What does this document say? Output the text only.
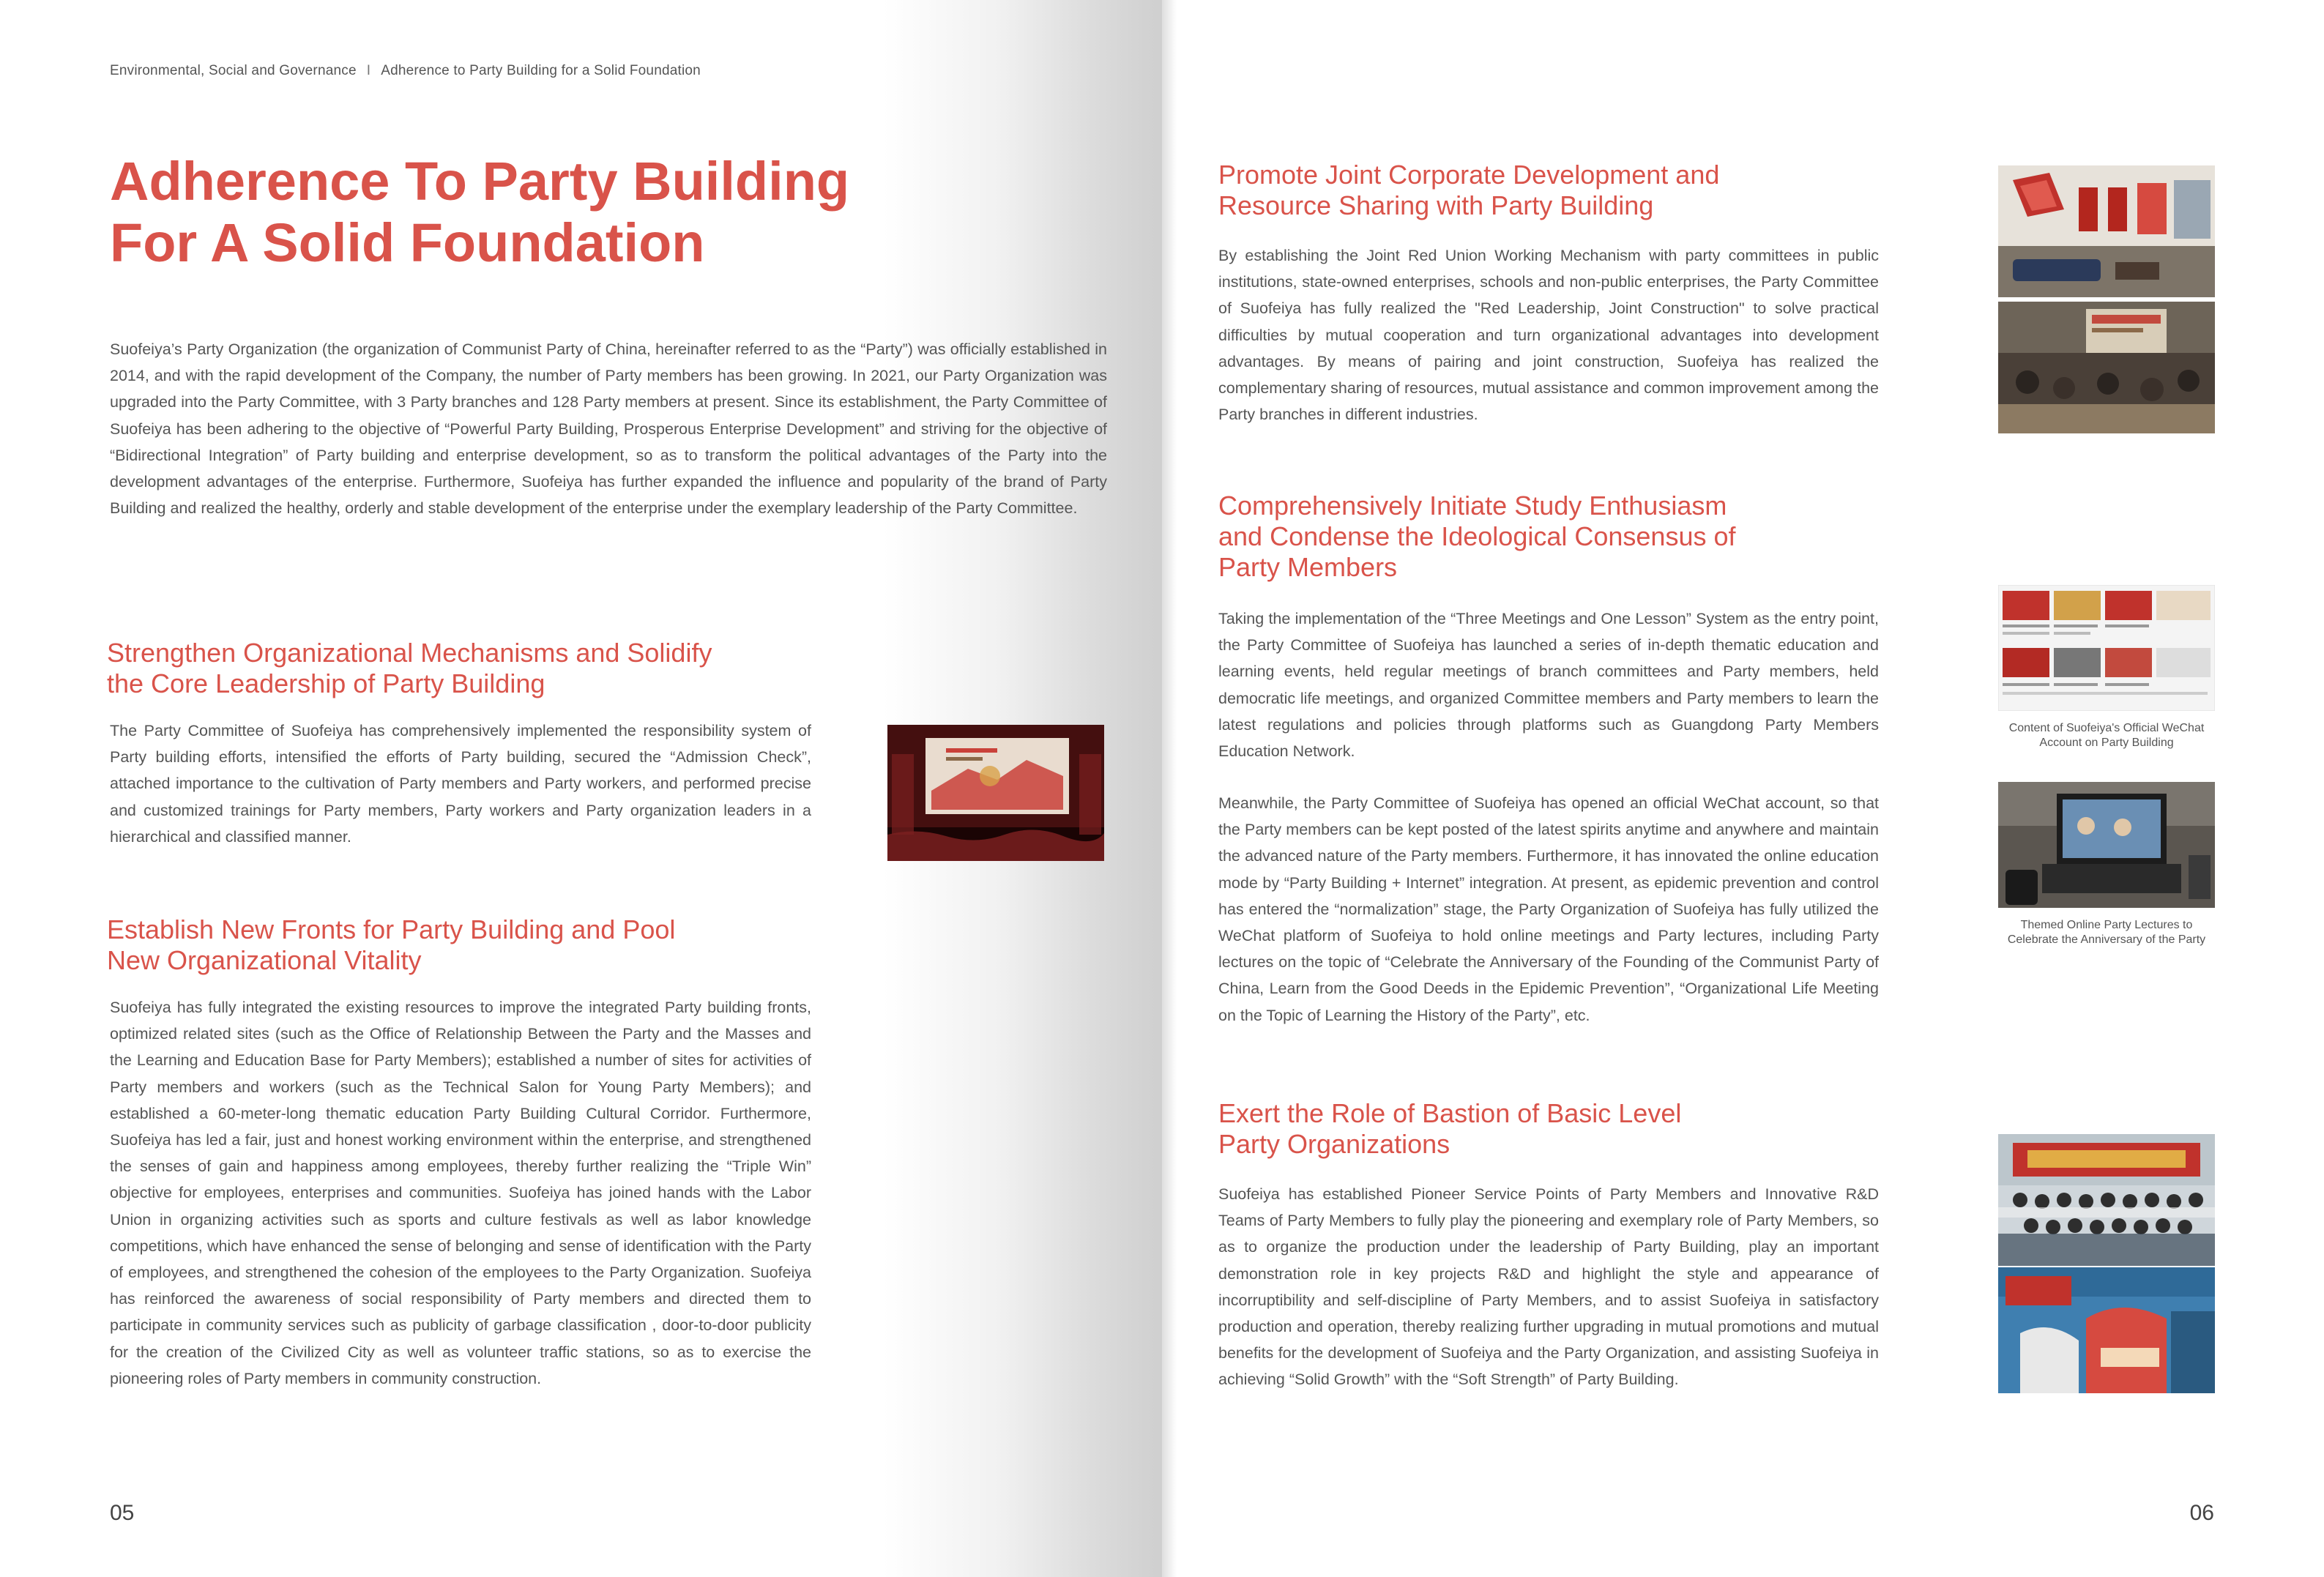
Environmental, Social and Governance I Adherence to Party Building for a Solid Foundation
Adherence To Party Building
For A Solid Foundation

Suofeiya’s Party Organization (the organization of Communist Party of China, hereinafter referred to as the “Party”) was officially established in 2014, and with the rapid development of the Company, the number of Party members has been growing. In 2021, our Party Organization was upgraded into the Party Committee, with 3 Party branches and 128 Party members at present. Since its establishment, the Party Committee of Suofeiya has been adhering to the objective of “Powerful Party Building, Prosperous Enterprise Development” and striving for the objective of “Bidirectional Integration” of Party building and enterprise development, so as to transform the political advantages of the Party into the development advantages of the enterprise. Furthermore, Suofeiya has further expanded the influence and popularity of the brand of Party Building and realized the healthy, orderly and stable development of the enterprise under the exemplary leadership of the Party Committee.

Strengthen Organizational Mechanisms and Solidify
the Core Leadership of Party Building

The Party Committee of Suofeiya has comprehensively implemented the responsibility system of Party building efforts, intensified the efforts of Party building, secured the “Admission Check”, attached importance to the cultivation of Party members and Party workers, and performed precise and customized trainings for Party members, Party workers and Party organization leaders in a hierarchical and classified manner.

Establish New Fronts for Party Building and Pool
New Organizational Vitality

Suofeiya has fully integrated the existing resources to improve the integrated Party building fronts, optimized related sites (such as the Office of Relationship Between the Party and the Masses and the Learning and Education Base for Party Members); established a number of sites for activities of Party members and workers (such as the Technical Salon for Young Party Members); and established a 60-meter-long thematic education Party Building Cultural Corridor. Furthermore, Suofeiya has led a fair, just and honest working environment within the enterprise, and strengthened the senses of gain and happiness among employees, thereby further realizing the “Triple Win” objective for employees, enterprises and communities. Suofeiya has joined hands with the Labor Union in organizing activities such as sports and culture festivals as well as labor knowledge competitions, which have enhanced the sense of belonging and sense of identification with the Party of employees, and strengthened the cohesion of the employees to the Party Organization. Suofeiya has reinforced the awareness of social responsibility of Party members and directed them to participate in community services such as publicity of garbage classification , door-to-door publicity for the creation of the Civilized City as well as volunteer traffic stations, so as to exercise the pioneering roles of Party members in community construction.

05
Promote Joint Corporate Development and
Resource Sharing with Party Building

By establishing the Joint Red Union Working Mechanism with party committees in public institutions, state-owned enterprises, schools and non-public enterprises, the Party Committee of Suofeiya has fully realized the "Red Leadership, Joint Construction" to solve practical difficulties by mutual cooperation and turn organizational advantages into development advantages. By means of pairing and joint construction, Suofeiya has realized the complementary sharing of resources, mutual assistance and common improvement among the Party branches in different industries.

Comprehensively Initiate Study Enthusiasm
and Condense the Ideological Consensus of
Party Members

Taking the implementation of the “Three Meetings and One Lesson” System as the entry point, the Party Committee of Suofeiya has launched a series of in-depth thematic education and learning events, held regular meetings of branch committees and Party members, held democratic life meetings, and organized Committee members and Party members to learn the latest regulations and policies through platforms such as Guangdong Party Members Education Network.

Meanwhile, the Party Committee of Suofeiya has opened an official WeChat account, so that the Party members can be kept posted of the latest spirits anytime and anywhere and maintain the advanced nature of the Party members. Furthermore, it has innovated the online education mode by “Party Building + Internet” integration. At present, as epidemic prevention and control has entered the “normalization” stage, the Party Organization of Suofeiya has fully utilized the WeChat platform of Suofeiya to hold online meetings and Party lectures, including Party lectures on the topic of “Celebrate the Anniversary of the Founding of the Communist Party of China, Learn from the Good Deeds in the Epidemic Prevention”, “Organizational Life Meeting on the Topic of Learning the History of the Party”, etc.

Content of Suofeiya's Official WeChat
Account on Party Building
Themed Online Party Lectures to
Celebrate the Anniversary of the Party
Exert the Role of Bastion of Basic Level
Party Organizations

Suofeiya has established Pioneer Service Points of Party Members and Innovative R&D Teams of Party Members to fully play the pioneering and exemplary role of Party Members, so as to organize the production under the leadership of Party Building, play an important demonstration role in key projects R&D and highlight the style and appearance of incorruptibility and self-discipline of Party Members, and to assist Suofeiya in satisfactory production and operation, thereby realizing further upgrading in mutual promotions and mutual benefits for the development of Suofeiya and the Party Organization, and assisting Suofeiya in achieving “Solid Growth” with the “Soft Strength” of Party Building.

06
